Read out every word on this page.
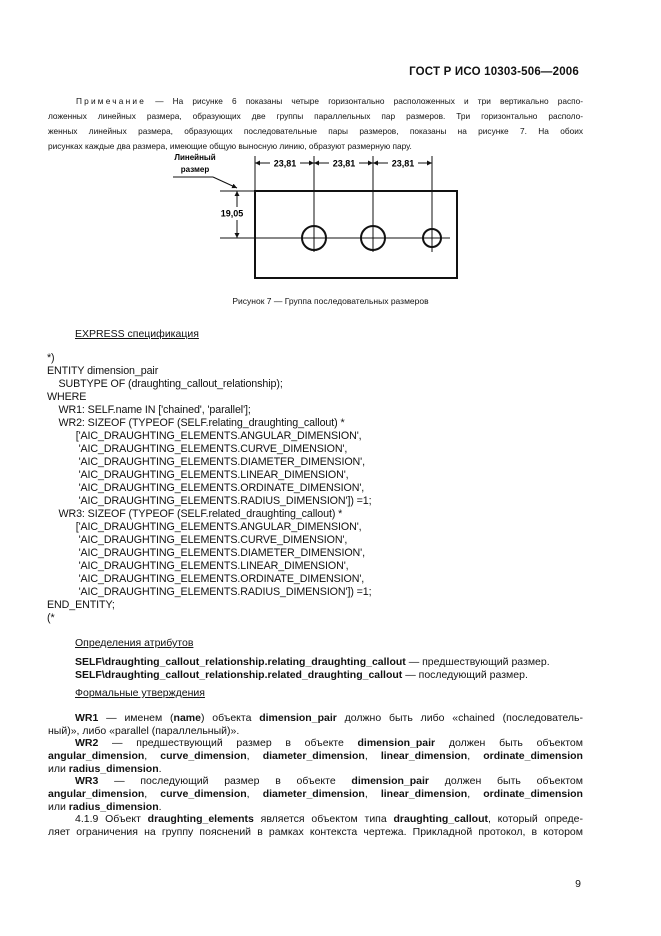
ГОСТ Р ИСО 10303-506—2006
Примечание — На рисунке 6 показаны четыре горизонтально расположенных и три вертикально распо-
ложенных линейных размера, образующих две группы параллельных пар размеров. Три горизонтально располо-
женных линейных размера, образующих последовательные пары размеров, показаны на рисунке 7. На обоих
рисунках каждые два размера, имеющие общую выносную линию, образуют размерную пару.
23,81	23,81	23,81
19,05
Линейный
размер
Рисунок 7 — Группа последовательных размеров
EXPRESS спецификация
*)
ENTITY dimension_pair
SUBTYPE OF (draughting_callout_relationship);
WHERE
WR1: SELF.name IN ['chained', 'parallel'];
WR2: SIZEOF (TYPEOF (SELF.relating_draughting_callout) *
['AIC_DRAUGHTING_ELEMENTS.ANGULAR_DIMENSION',
'AIC_DRAUGHTING_ELEMENTS.CURVE_DIMENSION',
'AIC_DRAUGHTING_ELEMENTS.DIAMETER_DIMENSION',
'AIC_DRAUGHTING_ELEMENTS.LINEAR_DIMENSION',
'AIC_DRAUGHTING_ELEMENTS.ORDINATE_DIMENSION',
'AIC_DRAUGHTING_ELEMENTS.RADIUS_DIMENSION']) =1;
WR3: SIZEOF (TYPEOF (SELF.related_draughting_callout) *
['AIC_DRAUGHTING_ELEMENTS.ANGULAR_DIMENSION',
'AIC_DRAUGHTING_ELEMENTS.CURVE_DIMENSION',
'AIC_DRAUGHTING_ELEMENTS.DIAMETER_DIMENSION',
'AIC_DRAUGHTING_ELEMENTS.LINEAR_DIMENSION',
'AIC_DRAUGHTING_ELEMENTS.ORDINATE_DIMENSION',
'AIC_DRAUGHTING_ELEMENTS.RADIUS_DIMENSION']) =1;
END_ENTITY;
(*
Определения атрибутов
SELF\draughting_callout_relationship.relating_draughting_callout — предшествующий размер.
SELF\draughting_callout_relationship.related_draughting_callout — последующий размер.
Формальные утверждения
WR1 — именем (name) объекта dimension_pair должно быть либо «chained (последователь-
ный)», либо «parallel (параллельный)».
WR2 — предшествующий размер в объекте dimension_pair должен быть объектом
angular_dimension, curve_dimension, diameter_dimension, linear_dimension, ordinate_dimension
или radius_dimension.
WR3 — последующий размер в объекте dimension_pair должен быть объектом
angular_dimension, curve_dimension, diameter_dimension, linear_dimension, ordinate_dimension
или radius_dimension.
4.1.9 Объект draughting_elements является объектом типа draughting_callout, который опреде-
ляет ограничения на группу пояснений в рамках контекста чертежа. Прикладной протокол, в котором
9
